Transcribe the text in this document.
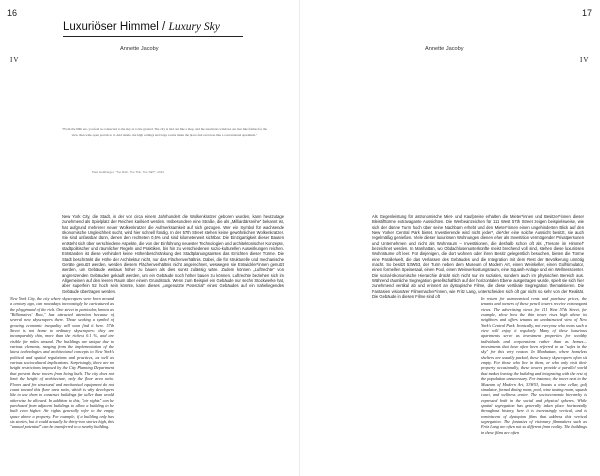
16
Luxuriöser Himmel / Luxury Sky
Annette Jacoby
IV
"From the 90th are, you feel as connected to the sky as to the ground. The city is laid out like a map, and the enormous windows are less like frames for the view than wide open portals to it. And inside, the high ceilings and large rooms make the place feel even less like a conventional apartment."
Paul Goldberger, "Too Rich, Too Thin, Too Tall?", 2014

New York City, die Stadt, in der vor circa einem Jahrhundert die Wolkenkratzer geboren wurden, kann heutzutage zunehmend als Spielplatz der Reichen karikiert werden. Insbesondere eine Straße, die als „Milliardärsreihe“ bekannt ist, hat aufgrund mehrerer neuer Wolkenkratzer die Aufmerksamkeit auf sich gezogen. Wer ein Symbol für wachsende ökonomische Ungleichheit sucht, wird hier schnell fündig. In der 57th Street stehen keine gewöhnlichen Wolkenkratzer. Sie sind unfassbar dünn, denen den rechteten 0,5% und sind kilometerweit sichtbar. Die Einzigartigkeit dieser Bauten entsteht sich über verschiedene Aspekte, die von der Einführung neuester Technologien und architektonischer Konzepte, stadtpolitischer und räumlicher Regeln und Praktiken, bis hin zu verschiedenen sozio-kulturellen Auswirkungen reichen. Entstanden ist diese verhindert keine Höhenbeschränkung des Stadtplanungsamtes das Errichten dieser Türme. Die Stadt beschränkt die Höhe der Architektur nicht, nur das Flächenverhältnis. Dabei, die für strukturelle und mechanische Geräte genutzt werden, werden diesem Flächenverhältnis nicht angerechnet, weswegen sie Entwickler*innen genutzt werden, um Gebäude weitaus höher zu bauen als dies sonst zulässig wäre. Zudem können „Luftrechte“ von angrenzenden Gebäuden gekauft werden, um ein Gebäude noch höher bauen zu können. Luftrechte beziehen sich im Allgemeinen auf den leeren Raum über einem Grundstück. Wenn zum Beispiel ein Gebäude nur sechs Stockwerke hat, aber superfein 52 hoch sein könnte, kann dieses „ungenutzte Potenzial“ eines Gebäudes auf ein naheliegendes Gebäude übertragen werden.

New York City, the city where skyscrapers were born around a century ago, can nowadays increasingly be caricatured as the playground of the rich. One street in particular, known as "Billionaires' Row," has attracted attention because of several new skyscrapers there. Those seeking a symbol of growing economic inequality will soon find it here. 57th Street is not home to ordinary skyscrapers: they are incomparably thin, more than the richest 0.1 %, and are visible for miles around. The buildings are unique due to various elements, ranging from the implementation of the latest technologies and architectural concepts to New York's political and spatial regulations and practices, as well as various sociocultural implications. Surprisingly, there are no height restrictions imposed by the City Planning Department that prevent these towers from being built. The city does not limit the height of architecture, only the floor area ratio. Floors used for structural and mechanical equipment do not count toward this floor area ratio, which is why developers like to use them to construct buildings far taller than would otherwise be allowed. In addition to this, "air rights" can be purchased from adjacent buildings to allow a building to be built even higher. Air rights generally refer to the empty space above a property. For example, if a building only has six stories, but it could actually be thirty-two stories high, this "unused potential" can be transferred to a nearby building.

17
Annette Jacoby
IV

Als Gegenleistung für astronomische Miet- und Kaufpreise erhalten die Mieter*innen und Besitzer*innen dieser Bleistifttürme extravagante Aussichten. Die Werbeanzeichen für 111 West 57th Street zeigen beispielsweise, wie sich der dünne Turm hoch über seine Nachbarn erhebt und den Mieter*innen einen ungehinderten Blick auf den New Yorker Central Park bietet. Investierende wird nicht jeder*, die*der eine solche Aussicht besitzt, sie auch regelmäßig genießen. Viele dieser luxuriösen Wohnungen dienen eher als Investition vermögender Privatpersonen und Unternehmen und nicht als Wohnraum – Investitionen, die deshalb schon oft als „Tresore im Himmel“ bezeichnet werden. In Manhattan, wo Obdachlosenunterkünfte meist brechend voll sind, stehen diese luxuriösen Wohnräume oft leer. Für diejenigen, die dort wohnen oder ihren Besitz gelegentlich besuchen, bieten die Türme eine Parallelwelt, die das Verlassen des Gebäudes und die Integration mit dem Rest der Bevölkerung unnötig macht. So besitzt 53W53, der Turm neben dem Museum of Modern Art, einen Weinkeller, einen Golfsimulator, einen formellen Speisesaal, einen Pool, einen Weinverkostungsraum, eine Squash-Anlage und ein Wellnesscenter. Die sozial-ökonomische Hierarchie drückt sich nicht nur im sozialen, sondern auch im physischen Bereich aus. Während räumliche Segregation gesellschaftlich auf der horizontalen Ebene ausgetragen wurde, spielt sie sich hier zunehmend vertikal ab und erinnert an dystopische Filme, die diese vertikale Segregation thematisieren. Die Fantasien visionärer Filmemacher*innen, wie Fritz Lang, unterscheiden sich oft gar nicht so sehr von der Realität. Die Gebäude in diesen Filme sind oft	In return for astronomical rents and purchase prices, the tenants and owners of these pencil towers receive extravagant views. The advertising views for 111 West 57th Street, for example, show how the thin tower rises high above its neighbors and offers tenants an unobstructed view of New York's Central Park. Ironically, not everyone who owns such a view will enjoy it regularly. Many of these luxurious apartments serve as investment properties for wealthy individuals and corporations rather than as homes—investments that have often been referred to as "safes in the sky" for this very reason. In Manhattan, where homeless shelters are usually packed, these luxury skyscrapers often sit empty. For those who live in them, or who only visit their property occasionally, these towers provide a parallel world that makes leaving the building and integrating with the rest of the population unnecessary. For instance, the tower next to the Museum of Modern Art, 53W53, boasts a wine cellar, golf simulator, formal dining room, pool, wine tasting room, squash court, and wellness center. The socioeconomic hierarchy is expressed both in the social and physical spheres. While spatial segregation has generally taken place horizontally throughout history, here it is increasingly vertical, and is reminiscent of dystopian films that address this vertical segregation. The fantasies of visionary filmmakers such as Fritz Lang are often not so different from reality. The buildings in these films are often
